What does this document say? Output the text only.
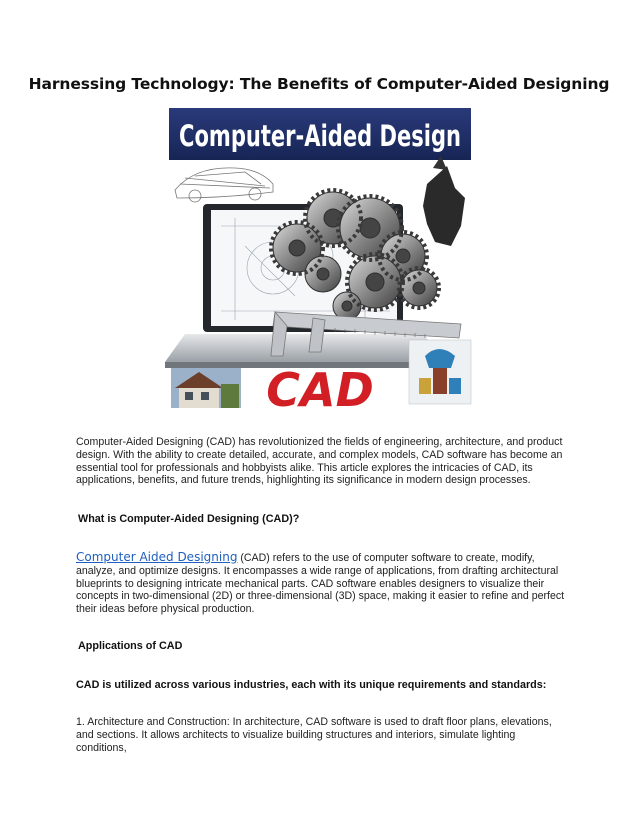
Harnessing Technology: The Benefits of Computer-Aided Designing
Computer-Aided Design
CAD
Computer-Aided Designing (CAD) has revolutionized the fields of engineering, architecture, and product design. With the ability to create detailed, accurate, and complex models, CAD software has become an essential tool for professionals and hobbyists alike. This article explores the intricacies of CAD, its applications, benefits, and future trends, highlighting its significance in modern design processes.
What is Computer-Aided Designing (CAD)?
Computer Aided Designing (CAD) refers to the use of computer software to create, modify, analyze, and optimize designs. It encompasses a wide range of applications, from drafting architectural blueprints to designing intricate mechanical parts. CAD software enables designers to visualize their concepts in two-dimensional (2D) or three-dimensional (3D) space, making it easier to refine and perfect their ideas before physical production.
Applications of CAD
CAD is utilized across various industries, each with its unique requirements and standards:
1. Architecture and Construction: In architecture, CAD software is used to draft floor plans, elevations, and sections. It allows architects to visualize building structures and interiors, simulate lighting conditions,
